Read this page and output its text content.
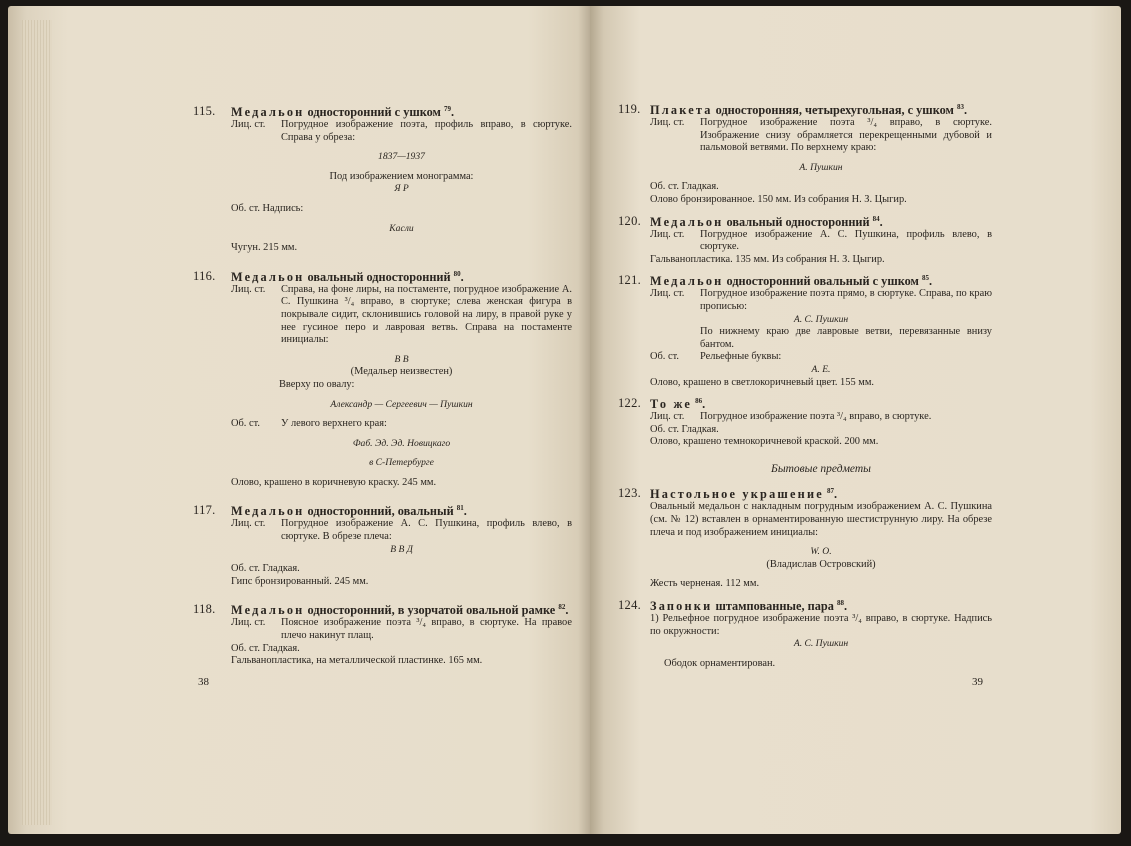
115. Медальон односторонний с ушком $^{79}$.
Лиц. ст.	Погрудное изображение поэта, профиль вправо, в сюртуке. Справа у обреза:
1837—1937
Под изображением монограмма:
Я Р
Об. ст. Надпись:
Касли
Чугун. 215 мм.
116. Медальон овальный односторонний $^{80}$.
Лиц. ст.	Справа, на фоне лиры, на постаменте, погрудное изображение А. С. Пушкина ³/₄ вправо, в сюртуке; слева женская фигура в покрывале сидит, склонившись головой на лиру, в правой руке у нее гусиное перо и лавровая ветвь. Справа на постаменте инициалы:
В В
(Медальер неизвестен)
Вверху по овалу:
Александр — Сергеевич — Пушкин
Об. ст.	У левого верхнего края:
Фаб. Эд. Эд. Новицкаго
в С-Петербурге
Олово, крашено в коричневую краску. 245 мм.
117. Медальон односторонний, овальный $^{81}$.
Лиц. ст.	Погрудное изображение А. С. Пушкина, профиль влево, в сюртуке. В обрезе плеча:
В В Д
Об. ст. Гладкая.
Гипс бронзированный. 245 мм.
118. Медальон односторонний, в узорчатой овальной рамке $^{82}$.
Лиц. ст.	Поясное изображение поэта ³/₄ вправо, в сюртуке. На правое плечо накинут плащ.
Об. ст. Гладкая.
Гальванопластика, на металлической пластинке. 165 мм.
38
119. Плакета односторонняя, четырехугольная, с ушком $^{83}$.
Лиц. ст.	Погрудное изображение поэта ³/₄ вправо, в сюртуке. Изображение снизу обрамляется перекрещенными дубовой и пальмовой ветвями. По верхнему краю:
А. Пушкин
Об. ст. Гладкая.
Олово бронзированное. 150 мм. Из собрания Н. З. Цыгир.
120. Медальон овальный односторонний $^{84}$.
Лиц. ст.	Погрудное изображение А. С. Пушкина, профиль влево, в сюртуке.
Гальванопластика. 135 мм. Из собрания Н. З. Цыгир.
121. Медальон односторонний овальный с ушком $^{85}$.
Лиц. ст.	Погрудное изображение поэта прямо, в сюртуке. Справа, по краю прописью:
А. С. Пушкин
По нижнему краю две лавровые ветви, перевязанные внизу бантом.
Об. ст.	Рельефные буквы:
А. Е.
Олово, крашено в светлокоричневый цвет. 155 мм.
122. То же $^{86}$.
Лиц. ст.	Погрудное изображение поэта ³/₄ вправо, в сюртуке.
Об. ст. Гладкая.
Олово, крашено темнокоричневой краской. 200 мм.
Бытовые предметы
123. Настольное украшение $^{87}$.
Овальный медальон с накладным погрудным изображением А. С. Пушкина (см. № 12) вставлен в орнаментированную шестиструнную лиру. На обрезе плеча и под изображением инициалы:
W. O.
(Владислав Островский)
Жесть черненая. 112 мм.
124. Запонки штампованные, пара $^{88}$.
1) Рельефное погрудное изображение поэта ³/₄ вправо, в сюртуке. Надпись по окружности:
А. С. Пушкин
Ободок орнаментирован.
39
